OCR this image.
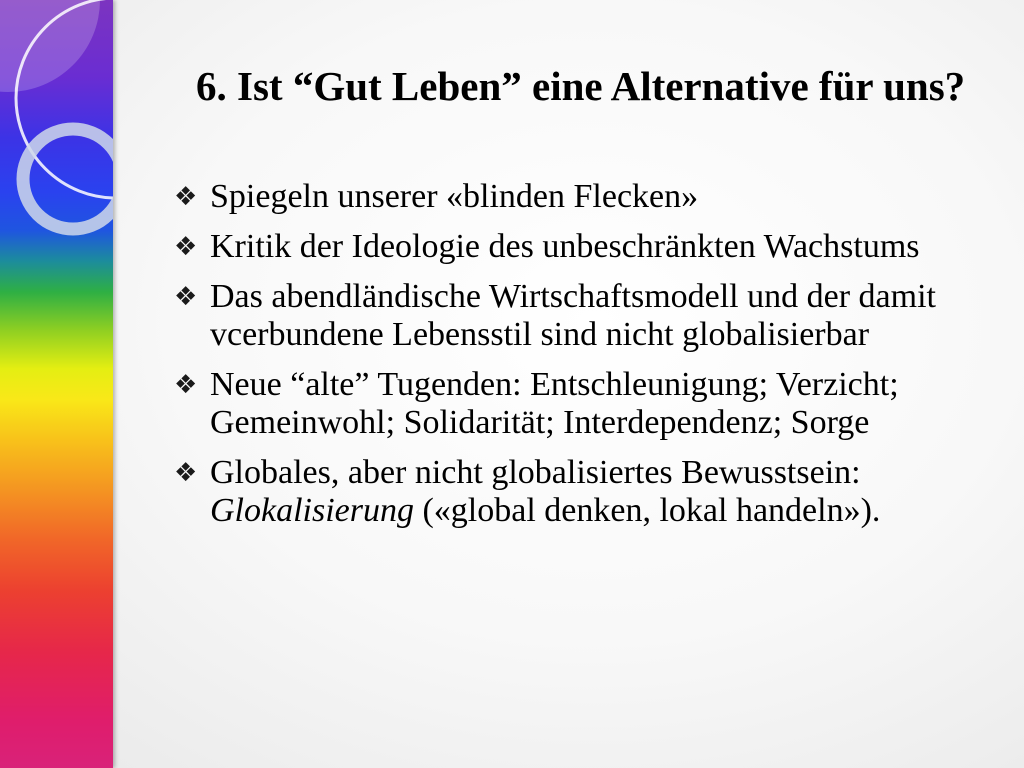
6. Ist “Gut Leben” eine Alternative für uns?
❖
Spiegeln unserer «blinden Flecken»
❖
Kritik der Ideologie des unbeschränkten Wachstums
❖
Das abendländische Wirtschaftsmodell und der damit
vcerbundene Lebensstil sind nicht globalisierbar
❖
Neue “alte” Tugenden: Entschleunigung; Verzicht;
Gemeinwohl; Solidarität; Interdependenz; Sorge
❖
Globales, aber nicht globalisiertes Bewusstsein:
Glokalisierung («global denken, lokal handeln»).
